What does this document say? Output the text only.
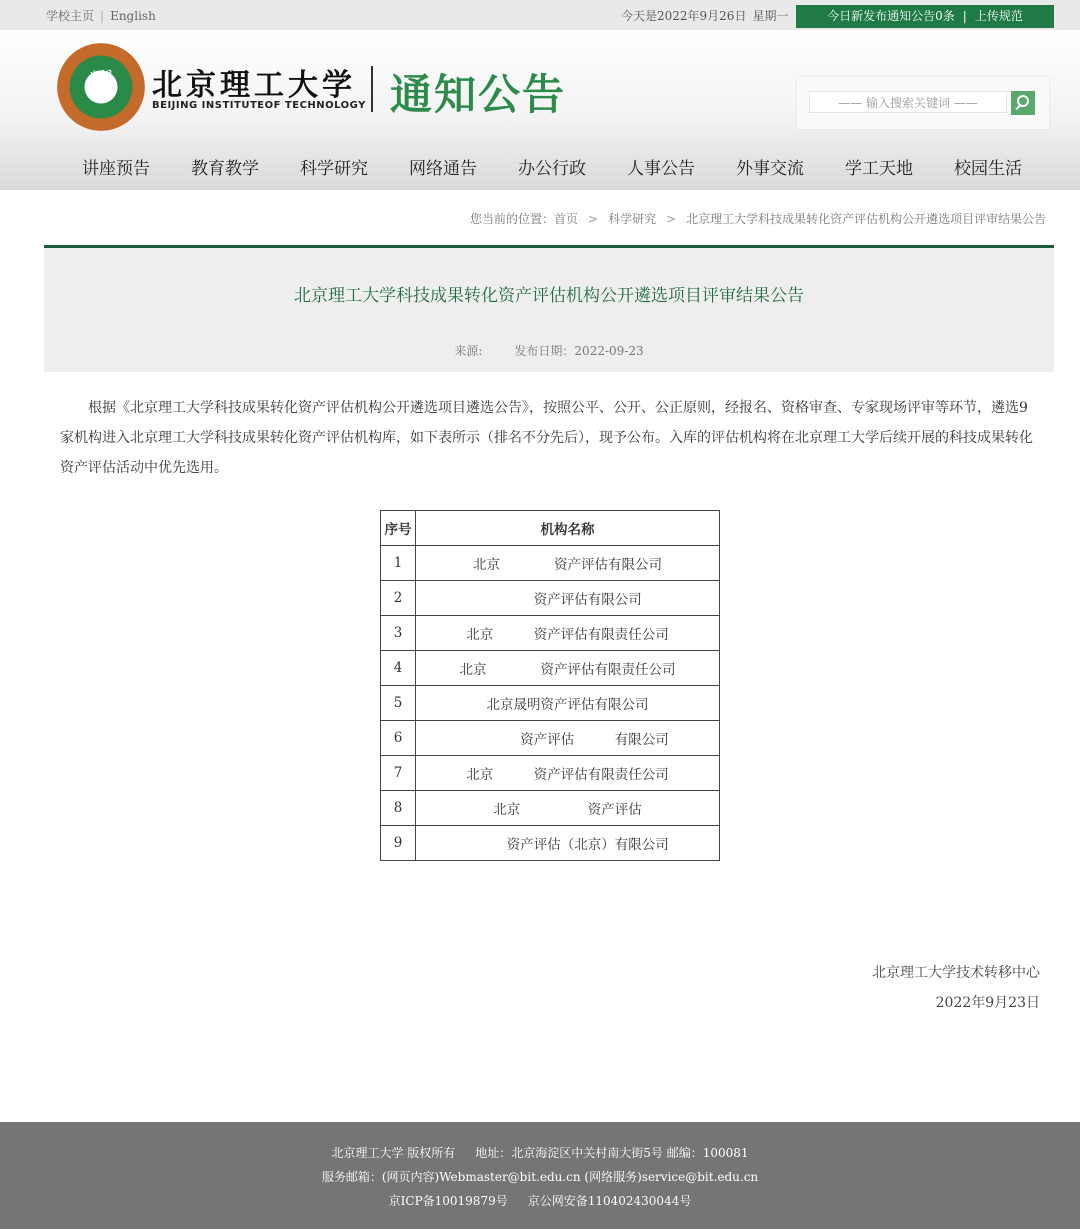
学校主页 | English	今天是2022年9月26日 星期一	今日新发布通知公告0条 | 上传规范
🕊	北京理工大学
BEIJING INSTITUTEOF TECHNOLOGY 通知公告	—— 输入搜索关键词 ——
讲座预告 教育教学 科学研究 网络通告 办公行政 人事公告 外事交流 学工天地 校园生活
您当前的位置：首页 > 科学研究 > 北京理工大学科技成果转化资产评估机构公开遴选项目评审结果公告
北京理工大学科技成果转化资产评估机构公开遴选项目评审结果公告
来源:	发布日期：2022-09-23
根据《北京理工大学科技成果转化资产评估机构公开遴选项目遴选公告》，按照公平、公开、公正原则，经报名、资格审查、专家现场评审等环节，遴选9家机构进入北京理工大学科技成果转化资产评估机构库，如下表所示（排名不分先后），现予公布。入库的评估机构将在北京理工大学后续开展的科技成果转化资产评估活动中优先选用。
序号	机构名称
1	北京　　　　资产评估有限公司
2	　　　资产评估有限公司
3	北京　　　资产评估有限责任公司
4	北京　　　　资产评估有限责任公司
5	北京晟明资产评估有限公司
6	　　　　资产评估　　　有限公司
7	北京　　　资产评估有限责任公司
8	北京　　　　　资产评估　　　　　　　　　
9	　　　资产评估（北京）有限公司
北京理工大学技术转移中心
2022年9月23日
北京理工大学 版权所有 地址：北京海淀区中关村南大街5号 邮编：100081
服务邮箱：(网页内容)Webmaster@bit.edu.cn (网络服务)service@bit.edu.cn
京ICP备10019879号 京公网安备110402430044号
